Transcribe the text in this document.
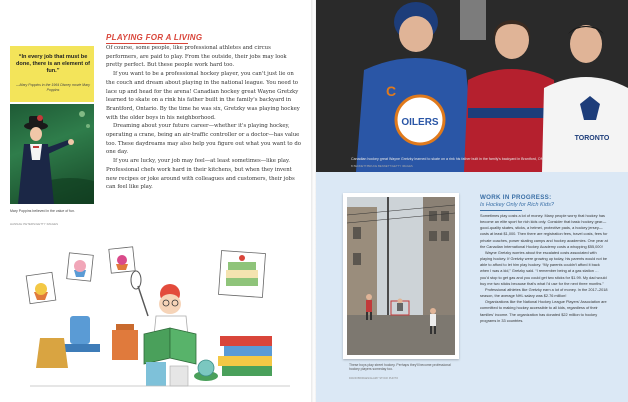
“In every job that must be done, there is an element of fun.”
—Mary Poppins in the 1964 Disney movie Mary Poppins
Mary Poppins believed in the value of fun.
HANNAH PETERS/GETTY IMAGES
PLAYING FOR A LIVING

Of course, some people, like professional athletes and circus performers, are paid to play. From the outside, their jobs may look pretty perfect. But these people work hard too.

If you want to be a professional hockey player, you can't just lie on the couch and dream about playing in the national league. You need to lace up and head for the arena! Canadian hockey great Wayne Gretzky learned to skate on a rink his father built in the family's backyard in Brantford, Ontario. By the time he was six, Gretzky was playing hockey with the older boys in his neighborhood.

Dreaming about your future career—whether it's playing hockey, operating a crane, being an air-traffic controller or a doctor—has value too. These daydreams may also help you figure out what you want to do one day.

If you are lucky, your job may feel—at least sometimes—like play. Professional chefs work hard in their kitchens, but when they invent new recipes or joke around with colleagues and customers, their jobs can feel like play.

OILERS
C
TORONTO
Canadian hockey great Wayne Gretzky learned to skate on a rink his father built in the family's backyard in Brantford, ON.
B BENNETT/BRUCE BENNETT/GETTY IMAGES
These boys play street hockey. Perhaps they'll become professional hockey players someday too.
DAVID BRIDGES/ALAMY STOCK PHOTO
WORK IN PROGRESS:
Is Hockey Only for Rich Kids?

Sometimes play costs a lot of money. Many people worry that hockey has become an elite sport for rich kids only. Consider that basic hockey gear—good-quality skates, sticks, a helmet, protective pads, a hockey jersey—costs at least $1,000. Then there are registration fees, travel costs, fees for private coaches, power skating camps and hockey academies. One year at the Canadian International Hockey Academy costs a whopping $55,000!

Wayne Gretzky worries about the escalated costs associated with playing hockey. If Gretzky were growing up today, his parents would not be able to afford to let him play hockey. “My parents couldn't afford it back when I was a kid,” Gretzky said. “I remember being at a gas station … you'd stop to get gas and you could get two sticks for $1.99. My dad would buy me two sticks because that's what I'd use for the next three months.”

Professional athletes like Gretzky earn a lot of money. In the 2017–2018 season, the average NHL salary was $2.76 million!

Organizations like the National Hockey League Players' Association are committed to making hockey accessible to all kids, regardless of their families' income. The organization has donated $22 million to hockey programs in 33 countries.
